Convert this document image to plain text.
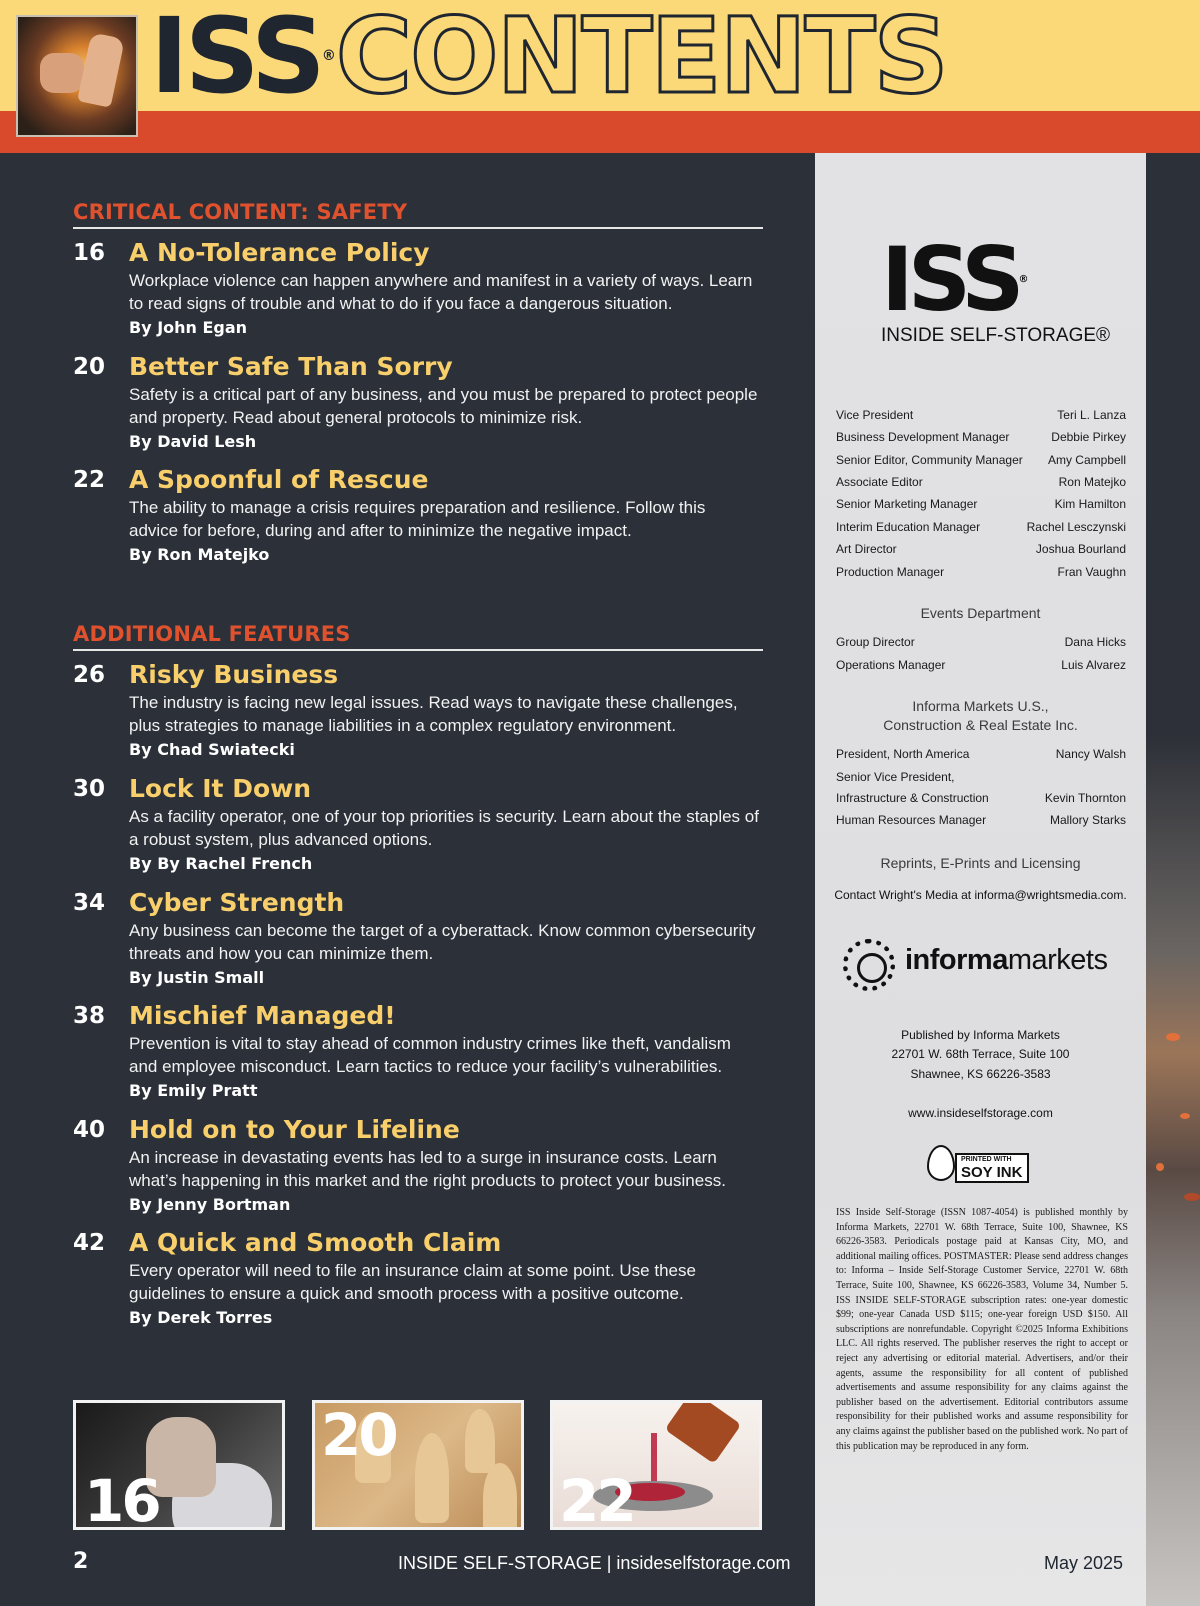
ISS®CONTENTS
CRITICAL CONTENT: SAFETY
16 A No-Tolerance Policy
Workplace violence can happen anywhere and manifest in a variety of ways. Learn to read signs of trouble and what to do if you face a dangerous situation.
By John Egan
20 Better Safe Than Sorry
Safety is a critical part of any business, and you must be prepared to protect people and property. Read about general protocols to minimize risk.
By David Lesh
22 A Spoonful of Rescue
The ability to manage a crisis requires preparation and resilience. Follow this advice for before, during and after to minimize the negative impact.
By Ron Matejko
ADDITIONAL FEATURES
26 Risky Business
The industry is facing new legal issues. Read ways to navigate these challenges, plus strategies to manage liabilities in a complex regulatory environment.
By Chad Swiatecki
30 Lock It Down
As a facility operator, one of your top priorities is security. Learn about the staples of a robust system, plus advanced options.
By By Rachel French
34 Cyber Strength
Any business can become the target of a cyberattack. Know common cybersecurity threats and how you can minimize them.
By Justin Small
38 Mischief Managed!
Prevention is vital to stay ahead of common industry crimes like theft, vandalism and employee misconduct. Learn tactics to reduce your facility’s vulnerabilities.
By Emily Pratt
40 Hold on to Your Lifeline
An increase in devastating events has led to a surge in insurance costs. Learn what’s happening in this market and the right products to protect your business.
By Jenny Bortman
42 A Quick and Smooth Claim
Every operator will need to file an insurance claim at some point. Use these guidelines to ensure a quick and smooth process with a positive outcome.
By Derek Torres
16
20
22
2	INSIDE SELF-STORAGE | insideselfstorage.com
ISS®
INSIDE SELF-STORAGE®
Vice President	Teri L. Lanza
Business Development Manager	Debbie Pirkey
Senior Editor, Community Manager Amy Campbell
Associate Editor	Ron Matejko
Senior Marketing Manager	Kim Hamilton
Interim Education Manager	Rachel Lesczynski
Art Director	Joshua Bourland
Production Manager	Fran Vaughn
Events Department
Group Director	Dana Hicks
Operations Manager	Luis Alvarez
Informa Markets U.S.,
Construction & Real Estate Inc.
President, North America	Nancy Walsh
Senior Vice President,
Infrastructure & Construction	Kevin Thornton
Human Resources Manager	Mallory Starks
Reprints, E-Prints and Licensing
Contact Wright's Media at informa@wrightsmedia.com.
informamarkets
Published by Informa Markets
22701 W. 68th Terrace, Suite 100
Shawnee, KS 66226-3583
www.insideselfstorage.com
PRINTED WITH
SOY INK
ISS Inside Self-Storage (ISSN 1087-4054) is published monthly by Informa Markets, 22701 W. 68th Terrace, Suite 100, Shawnee, KS 66226-3583. Periodicals postage paid at Kansas City, MO, and additional mailing offices. POSTMASTER: Please send address changes to: Informa – Inside Self-Storage Customer Service, 22701 W. 68th Terrace, Suite 100, Shawnee, KS 66226-3583, Volume 34, Number 5. ISS INSIDE SELF-STORAGE subscription rates: one-year domestic $99; one-year Canada USD $115; one-year foreign USD $150. All subscriptions are nonrefundable. Copyright ©2025 Informa Exhibitions LLC. All rights reserved. The publisher reserves the right to accept or reject any advertising or editorial material. Advertisers, and/or their agents, assume the responsibility for all content of published advertisements and assume responsibility for any claims against the publisher based on the advertisement. Editorial contributors assume responsibility for their published works and assume responsibility for any claims against the publisher based on the published work. No part of this publication may be reproduced in any form.
May 2025
